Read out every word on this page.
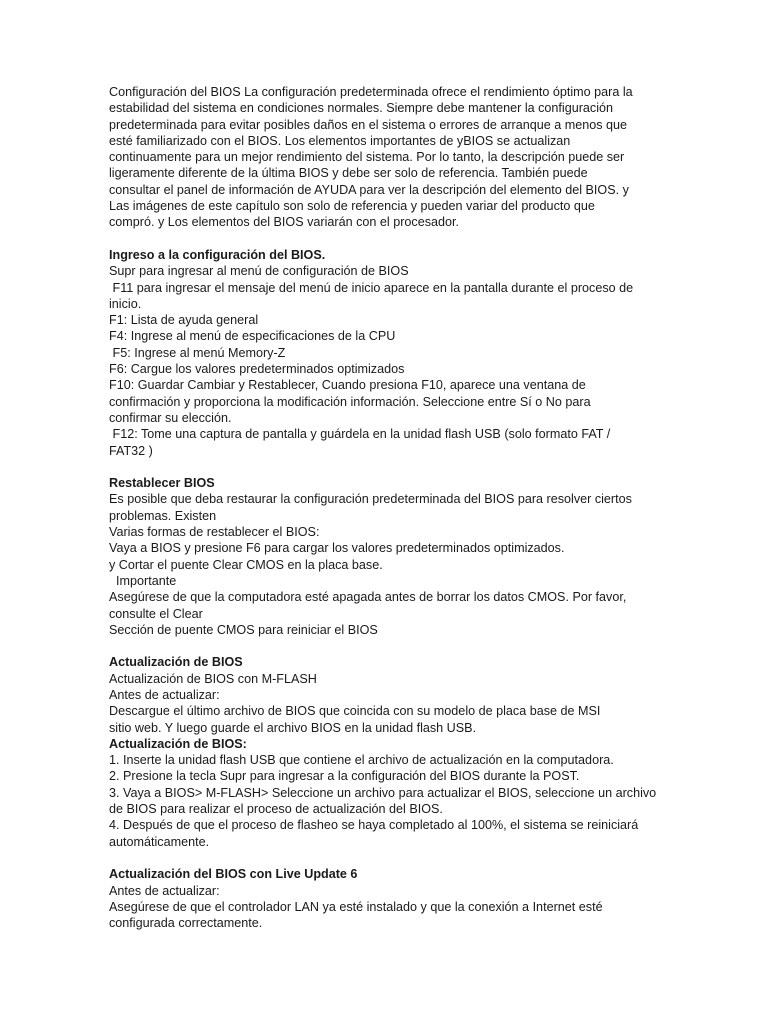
Configuración del BIOS La configuración predeterminada ofrece el rendimiento óptimo para la
estabilidad del sistema en condiciones normales. Siempre debe mantener la configuración
predeterminada para evitar posibles daños en el sistema o errores de arranque a menos que
esté familiarizado con el BIOS. Los elementos importantes de yBIOS se actualizan
continuamente para un mejor rendimiento del sistema. Por lo tanto, la descripción puede ser
ligeramente diferente de la última BIOS y debe ser solo de referencia. También puede
consultar el panel de información de AYUDA para ver la descripción del elemento del BIOS. y
Las imágenes de este capítulo son solo de referencia y pueden variar del producto que
compró. y Los elementos del BIOS variarán con el procesador.
Ingreso a la configuración del BIOS.
Supr para ingresar al menú de configuración de BIOS
F11 para ingresar el mensaje del menú de inicio aparece en la pantalla durante el proceso de
inicio.
F1: Lista de ayuda general
F4: Ingrese al menú de especificaciones de la CPU
F5: Ingrese al menú Memory-Z
F6: Cargue los valores predeterminados optimizados
F10: Guardar Cambiar y Restablecer, Cuando presiona F10, aparece una ventana de
confirmación y proporciona la modificación información. Seleccione entre Sí o No para
confirmar su elección.
F12: Tome una captura de pantalla y guárdela en la unidad flash USB (solo formato FAT /
FAT32 )
Restablecer BIOS
Es posible que deba restaurar la configuración predeterminada del BIOS para resolver ciertos
problemas. Existen
Varias formas de restablecer el BIOS:
Vaya a BIOS y presione F6 para cargar los valores predeterminados optimizados.
y Cortar el puente Clear CMOS en la placa base.
Importante
Asegúrese de que la computadora esté apagada antes de borrar los datos CMOS. Por favor,
consulte el Clear
Sección de puente CMOS para reiniciar el BIOS
Actualización de BIOS
Actualización de BIOS con M-FLASH
Antes de actualizar:
Descargue el último archivo de BIOS que coincida con su modelo de placa base de MSI
sitio web. Y luego guarde el archivo BIOS en la unidad flash USB.
Actualización de BIOS:
1. Inserte la unidad flash USB que contiene el archivo de actualización en la computadora.
2. Presione la tecla Supr para ingresar a la configuración del BIOS durante la POST.
3. Vaya a BIOS> M-FLASH> Seleccione un archivo para actualizar el BIOS, seleccione un archivo
de BIOS para realizar el proceso de actualización del BIOS.
4. Después de que el proceso de flasheo se haya completado al 100%, el sistema se reiniciará
automáticamente.
Actualización del BIOS con Live Update 6
Antes de actualizar:
Asegúrese de que el controlador LAN ya esté instalado y que la conexión a Internet esté
configurada correctamente.
